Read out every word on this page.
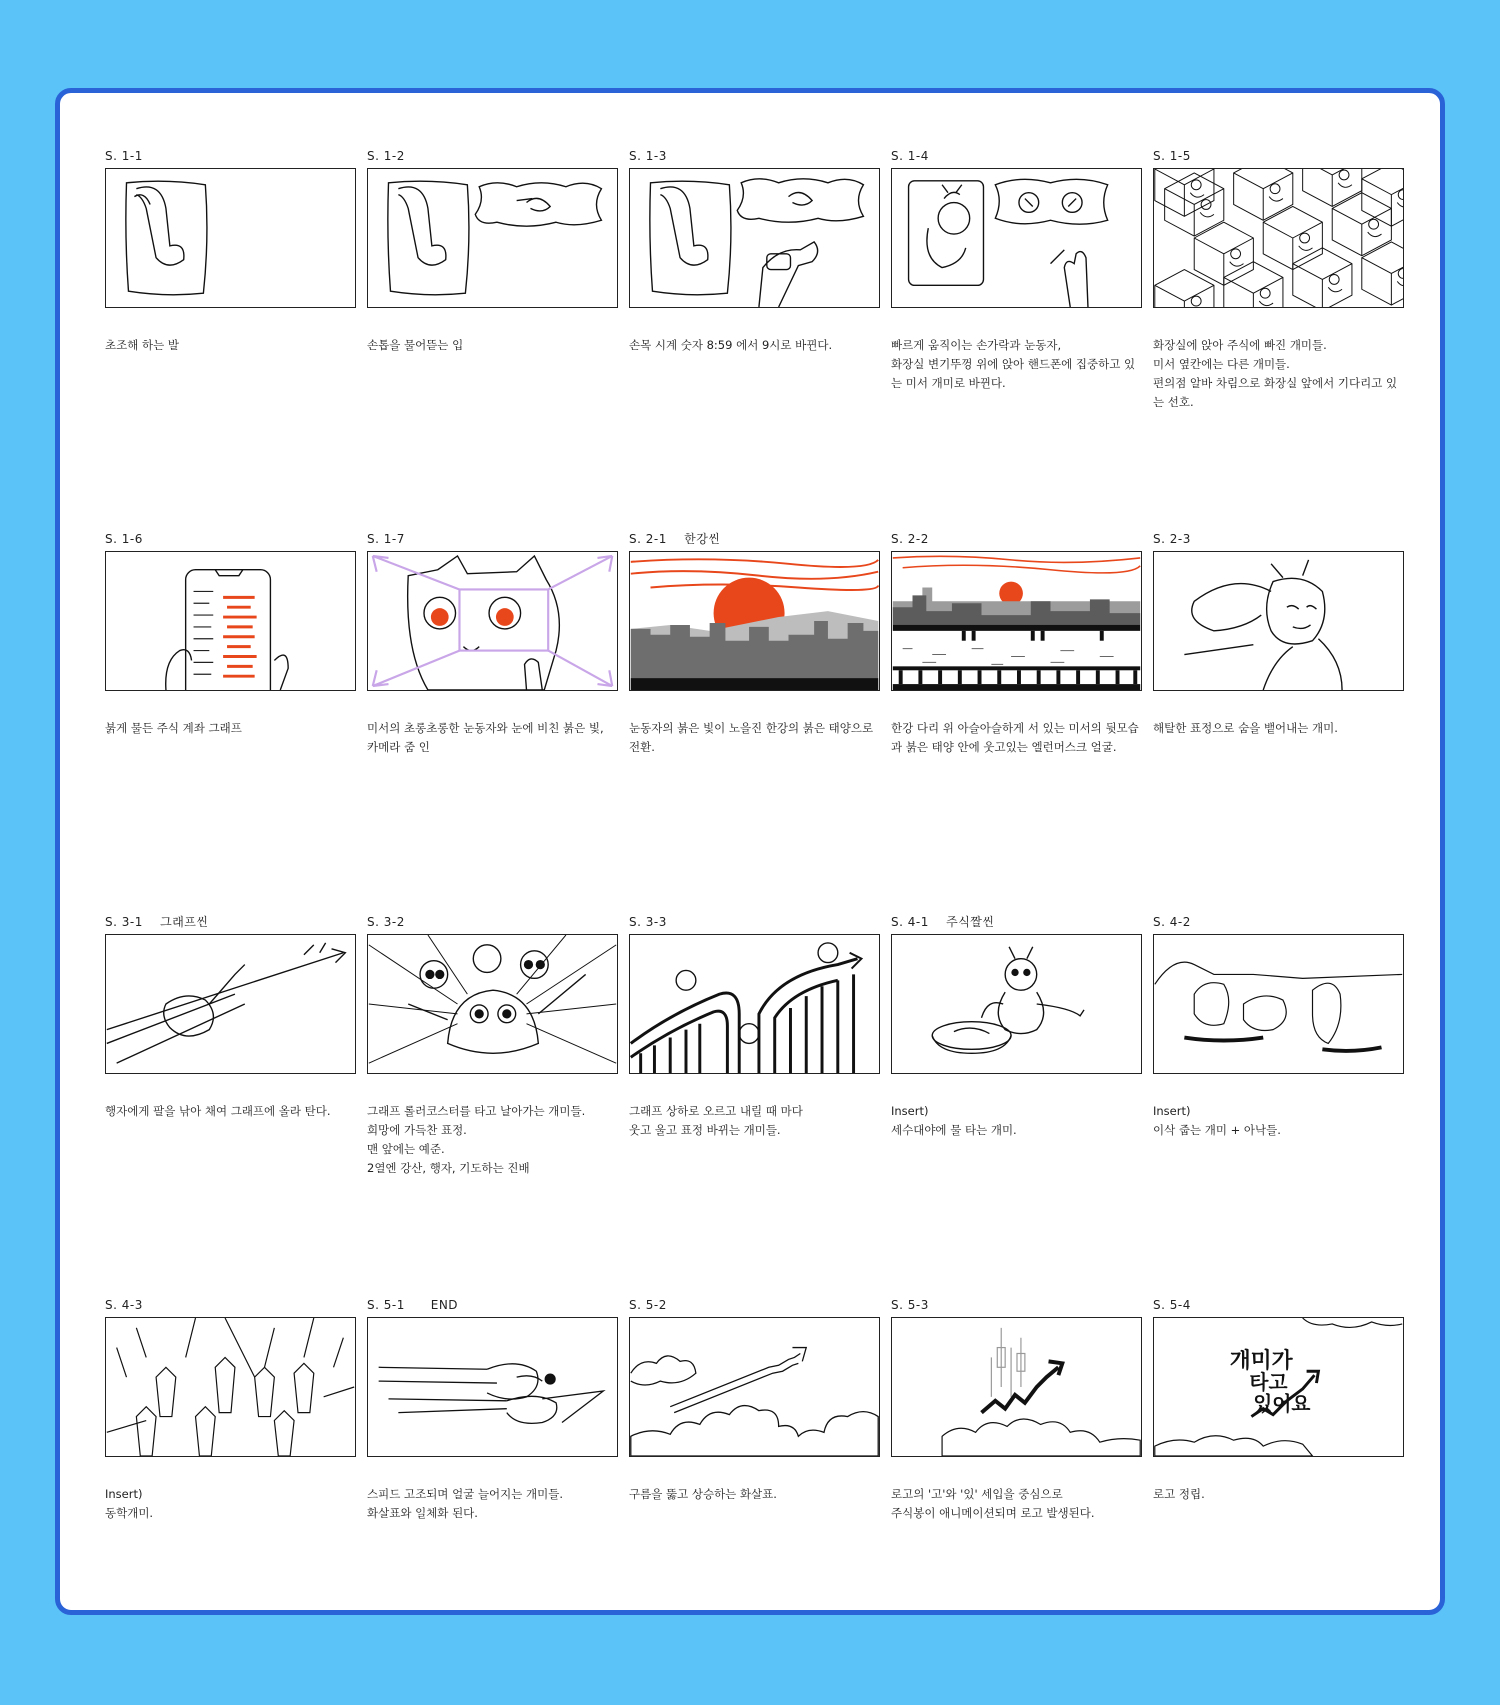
S. 1-1
초조해 하는 발
S. 1-2
손톱을 물어뜯는 입
S. 1-3
손목 시계 숫자 8:59 에서 9시로 바뀐다.
S. 1-4
빠르게 움직이는 손가락과 눈동자,
화장실 변기뚜껑 위에 앉아 핸드폰에 집중하고 있는 미서 개미로 바뀐다.
S. 1-5
화장실에 앉아 주식에 빠진 개미들.
미서 옆칸에는 다른 개미들.
편의점 알바 차림으로 화장실 앞에서 기다리고 있는 선호.
S. 1-6
붉게 물든 주식 계좌 그래프
S. 1-7
미서의 초롱초롱한 눈동자와 눈에 비친 붉은 빛,
카메라 줌 인
S. 2-1    한강씬
눈동자의 붉은 빛이 노을진 한강의 붉은 태양으로 전환.
S. 2-2
한강 다리 위 아슬아슬하게 서 있는 미서의 뒷모습과 붉은 태양 안에 웃고있는 엘런머스크 얼굴.
S. 2-3
해탈한 표정으로 숨을 뱉어내는 개미.
S. 3-1    그래프씬
행자에게 팔을 낚아 채여 그래프에 올라 탄다.
S. 3-2
그래프 롤러코스터를 타고 날아가는 개미들.
희망에 가득찬 표정.
맨 앞에는 예준.
2열엔 강산, 행자, 기도하는 진배
S. 3-3
그래프 상하로 오르고 내릴 때 마다
웃고 울고 표정 바뀌는 개미들.
S. 4-1    주식짤씬
Insert)
세수대야에 물 타는 개미.
S. 4-2
Insert)
이삭 줍는 개미 + 아낙들.
S. 4-3
Insert)
동학개미.
S. 5-1      END
스피드 고조되며 얼굴 늘어지는 개미들.
화살표와 일체화 된다.
S. 5-2
구름을 뚫고 상승하는 화살표.
S. 5-3
로고의 '고'와 '있' 세입을 중심으로
주식봉이 애니메이션되며 로고 발생된다.
S. 5-4
개미가
타고
있어요
로고 정립.
